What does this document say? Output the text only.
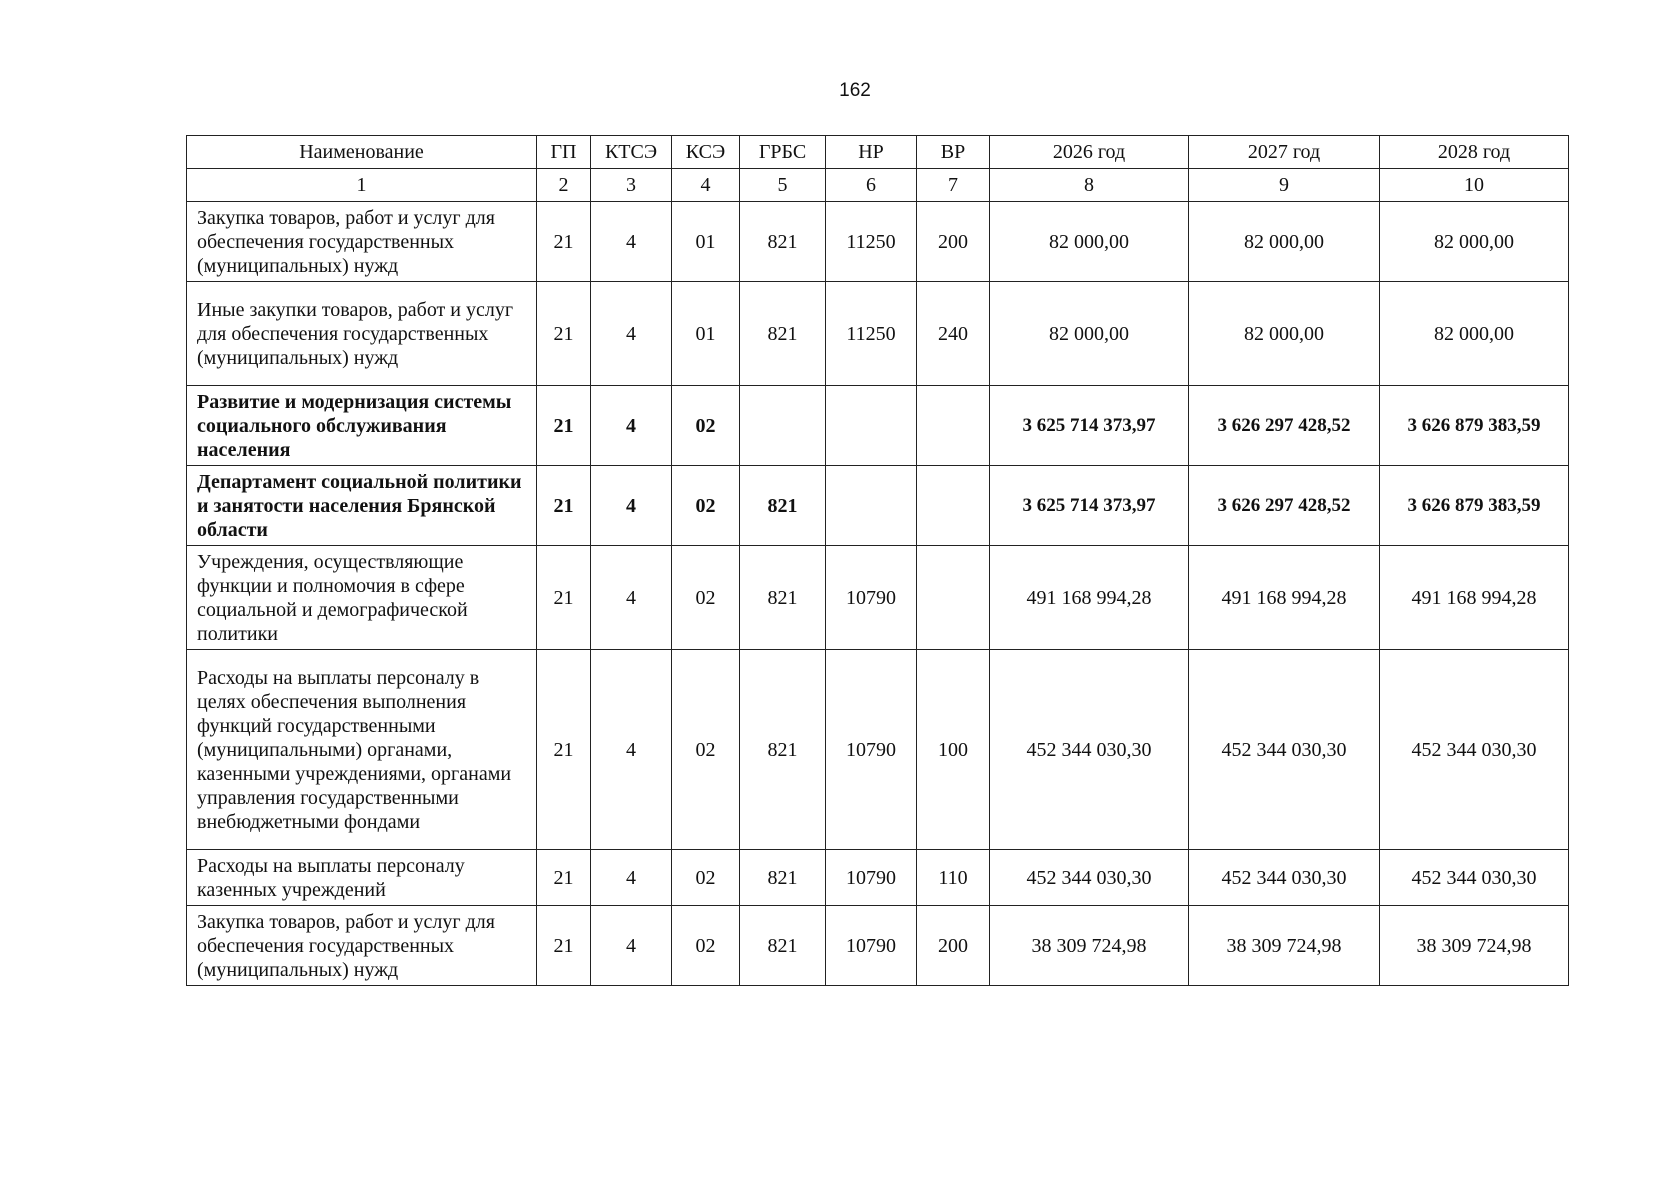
162
Наименование	ГП	КТСЭ	КСЭ	ГРБС	НР	ВР	2026 год	2027 год	2028 год
1	2	3	4	5	6	7	8	9	10
Закупка товаров, работ и услуг для обеспечения государственных (муниципальных) нужд	21	4	01	821	11250	200	82 000,00	82 000,00	82 000,00
Иные закупки товаров, работ и услуг для обеспечения государственных (муниципальных) нужд	21	4	01	821	11250	240	82 000,00	82 000,00	82 000,00
Развитие и модернизация системы социального обслуживания населения	21	4	02				3 625 714 373,97	3 626 297 428,52	3 626 879 383,59
Департамент социальной политики и занятости населения Брянской области	21	4	02	821			3 625 714 373,97	3 626 297 428,52	3 626 879 383,59
Учреждения, осуществляющие функции и полномочия в сфере социальной и демографической политики	21	4	02	821	10790		491 168 994,28	491 168 994,28	491 168 994,28
Расходы на выплаты персоналу в целях обеспечения выполнения функций государственными (муниципальными) органами, казенными учреждениями, органами управления государственными внебюджетными фондами	21	4	02	821	10790	100	452 344 030,30	452 344 030,30	452 344 030,30
Расходы на выплаты персоналу казенных учреждений	21	4	02	821	10790	110	452 344 030,30	452 344 030,30	452 344 030,30
Закупка товаров, работ и услуг для обеспечения государственных (муниципальных) нужд	21	4	02	821	10790	200	38 309 724,98	38 309 724,98	38 309 724,98
